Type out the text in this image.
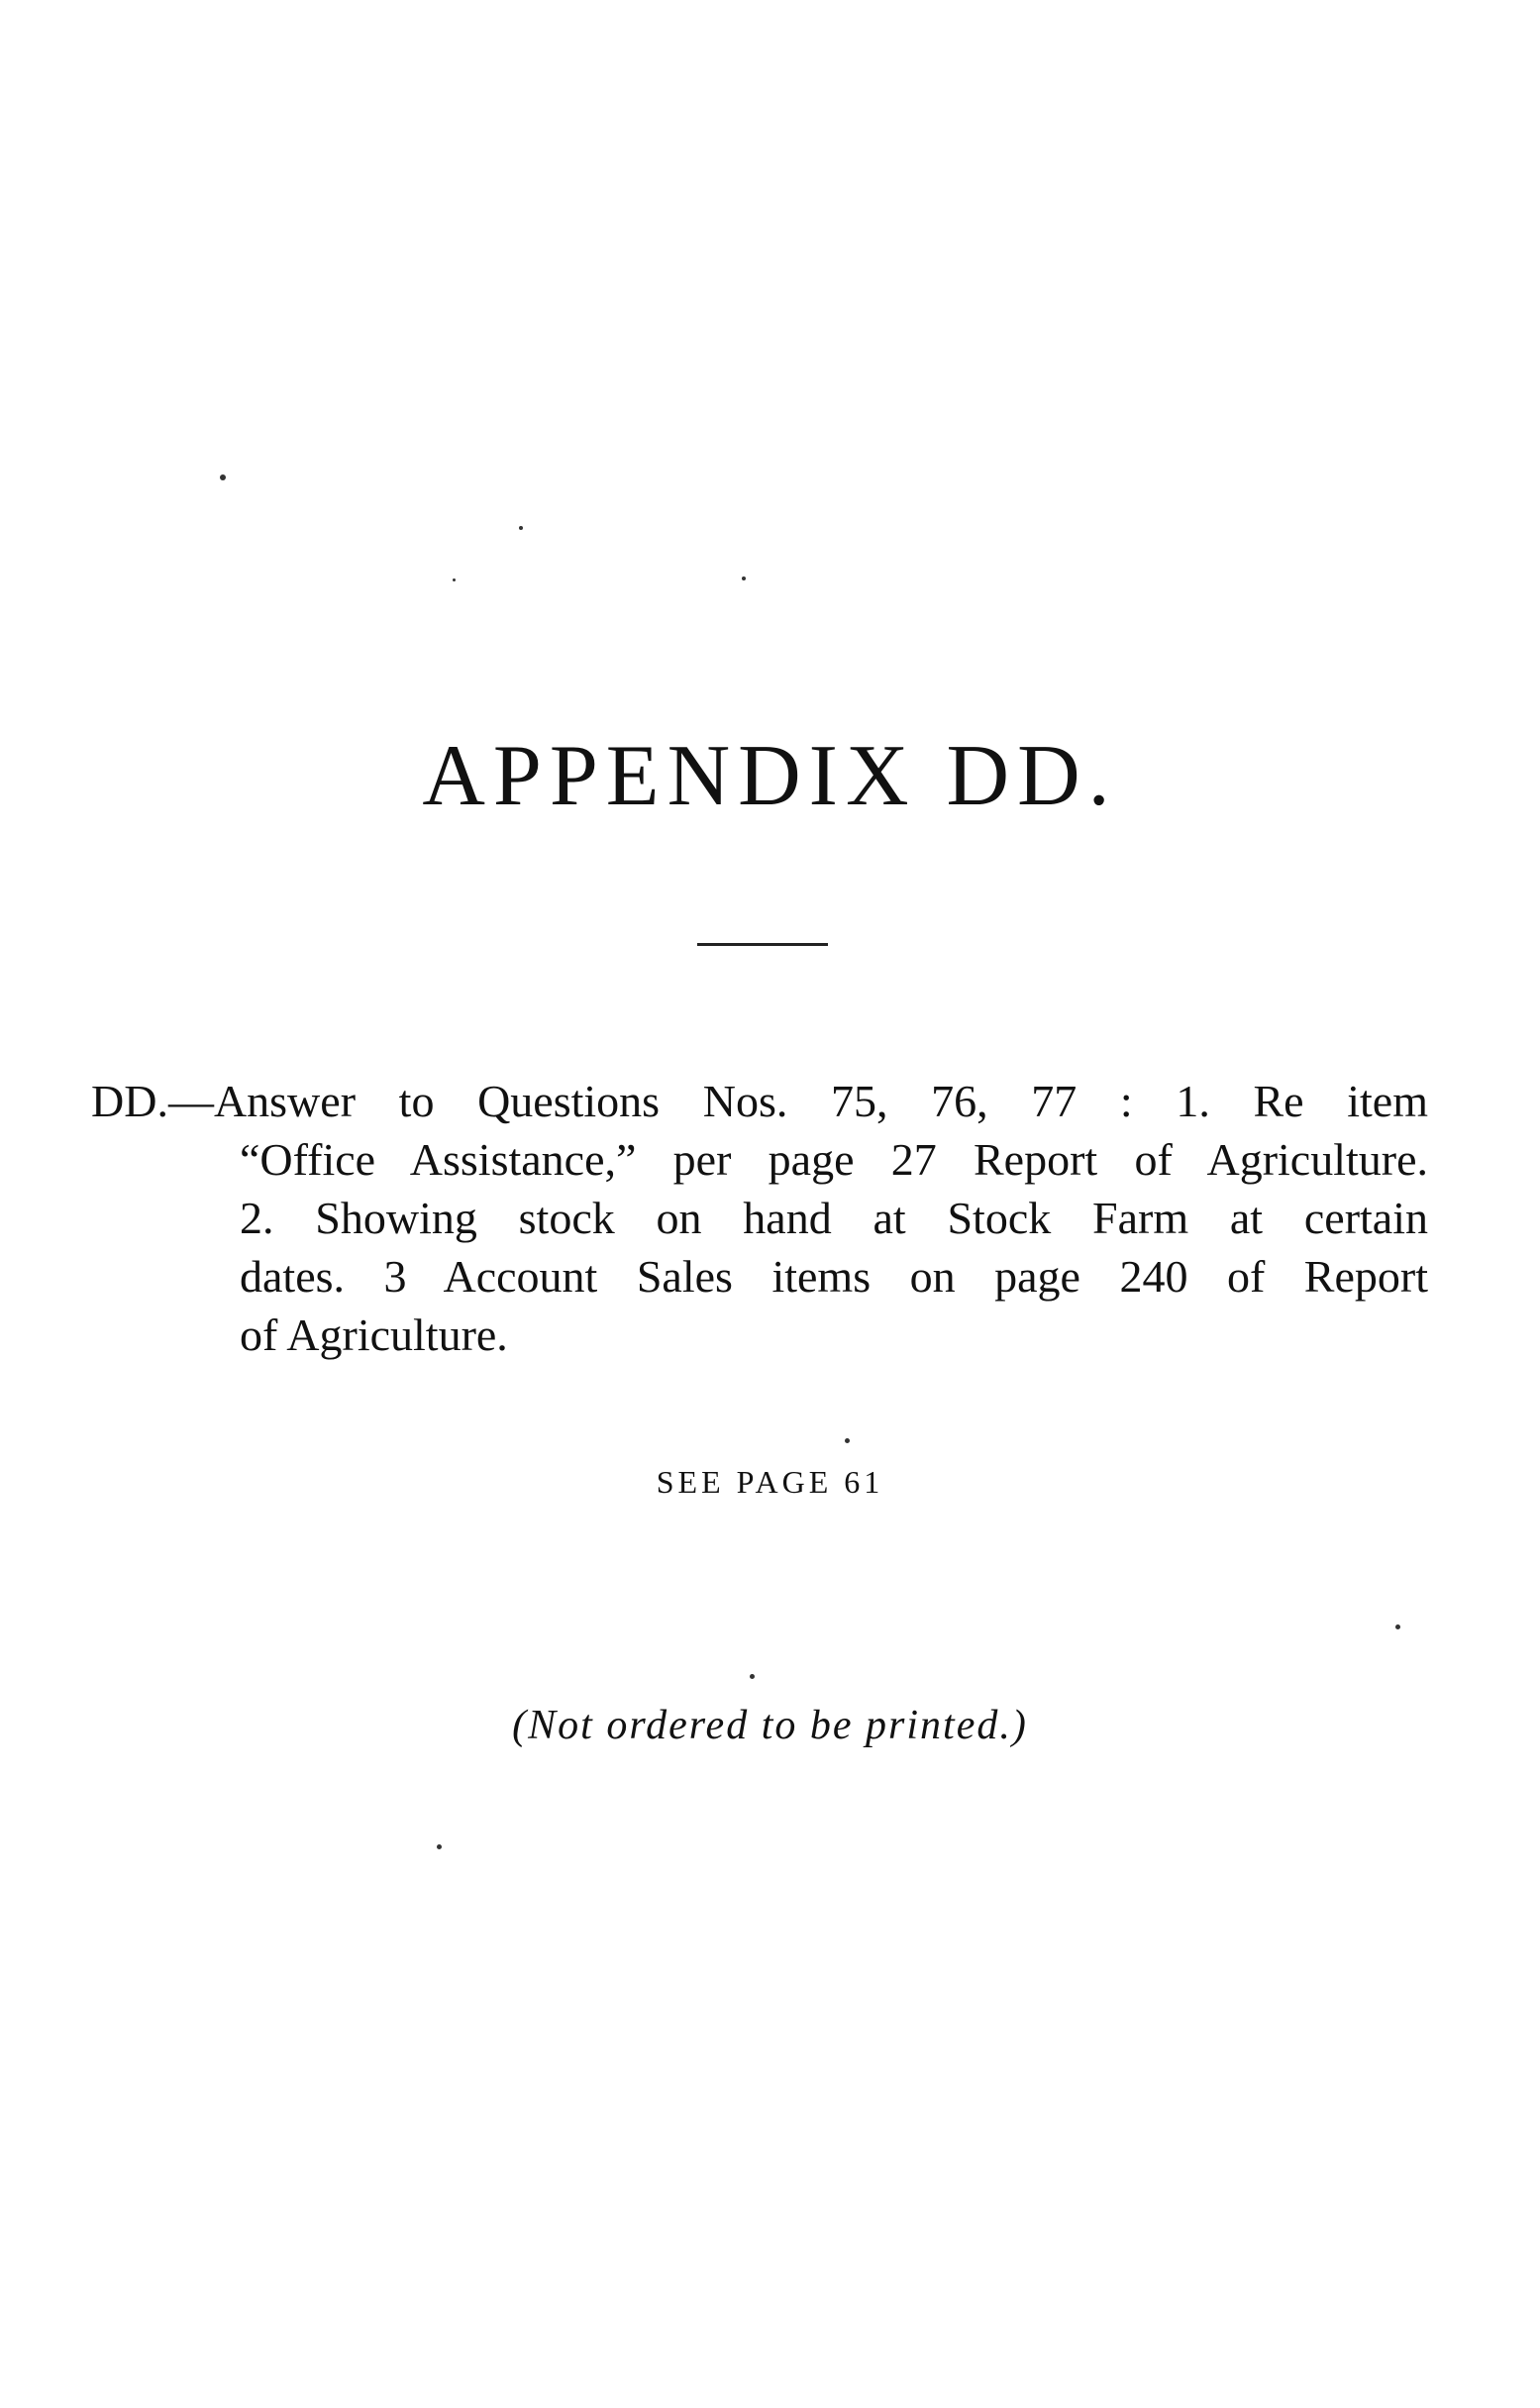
APPENDIX DD.
DD.—Answer to Questions Nos. 75, 76, 77 : 1. Re item
“Office Assistance,” per page 27 Report of Agriculture.
2. Showing stock on hand at Stock Farm at certain
dates. 3 Account Sales items on page 240 of Report
of Agriculture.
SEE PAGE 61
(Not ordered to be printed.)
